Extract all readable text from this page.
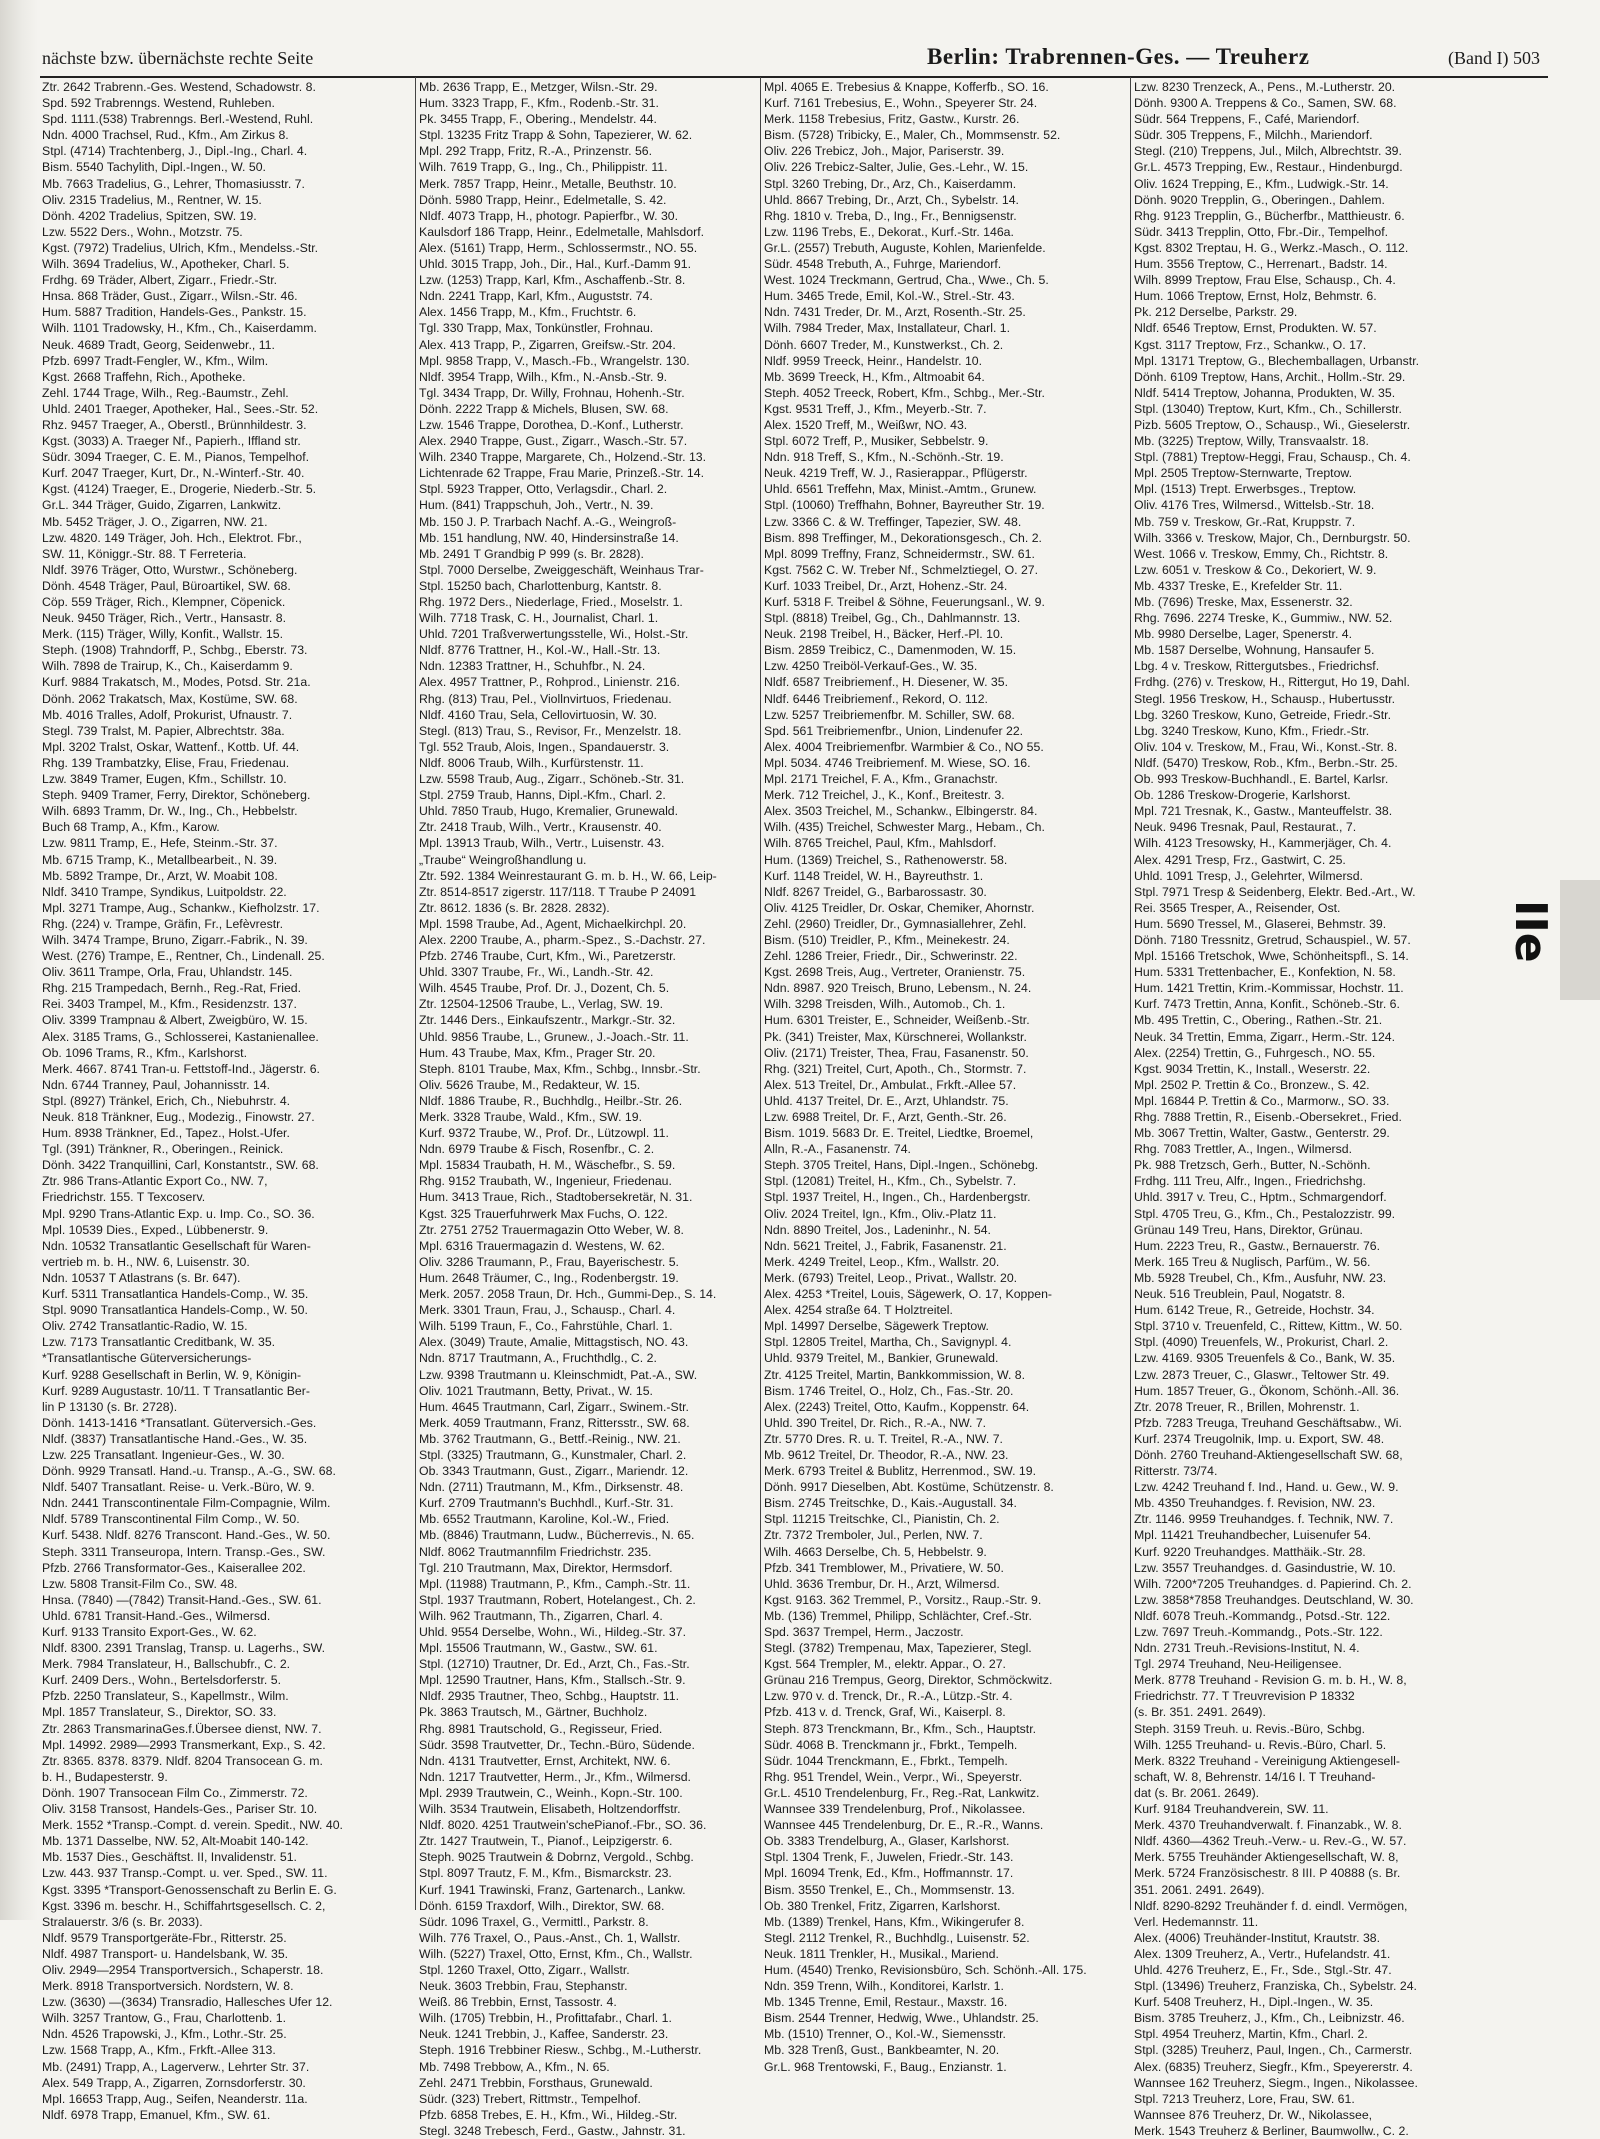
nächste bzw. übernächste rechte Seite	Berlin: Trabrennen-Ges. — Treuherz	(Band I) 503
Ztr. 2642 Trabrenn.-Ges. Westend, Schadowstr. 8.
Spd. 592 Trabrenngs. Westend, Ruhleben.
Spd. 1111.(538) Trabrenngs. Berl.-Westend, Ruhl.
Ndn. 4000 Trachsel, Rud., Kfm., Am Zirkus 8.
Stpl. (4714) Trachtenberg, J., Dipl.-Ing., Charl. 4.
Bism. 5540 Tachylith, Dipl.-Ingen., W. 50.
Mb. 7663 Tradelius, G., Lehrer, Thomasiusstr. 7.
Oliv. 2315 Tradelius, M., Rentner, W. 15.
Dönh. 4202 Tradelius, Spitzen, SW. 19.
Lzw. 5522 Ders., Wohn., Motzstr. 75.
Kgst. (7972) Tradelius, Ulrich, Kfm., Mendelss.-Str.
Wilh. 3694 Tradelius, W., Apotheker, Charl. 5.
Frdhg. 69 Träder, Albert, Zigarr., Friedr.-Str.
Hnsa. 868 Träder, Gust., Zigarr., Wilsn.-Str. 46.
Hum. 5887 Tradition, Handels-Ges., Pankstr. 15.
Wilh. 1101 Tradowsky, H., Kfm., Ch., Kaiserdamm.
Neuk. 4689 Tradt, Georg, Seidenwebr., 11.
Pfzb. 6997 Tradt-Fengler, W., Kfm., Wilm.
Kgst. 2668 Traffehn, Rich., Apotheke.
Zehl. 1744 Trage, Wilh., Reg.-Baumstr., Zehl.
Uhld. 2401 Traeger, Apotheker, Hal., Sees.-Str. 52.
Rhz. 9457 Traeger, A., Oberstl., Brünnhildestr. 3.
Kgst. (3033) A. Traeger Nf., Papierh., Iffland str.
Südr. 3094 Traeger, C. E. M., Pianos, Tempelhof.
Kurf. 2047 Traeger, Kurt, Dr., N.-Winterf.-Str. 40.
Kgst. (4124) Traeger, E., Drogerie, Niederb.-Str. 5.
Gr.L. 344 Träger, Guido, Zigarren, Lankwitz.
Mb. 5452 Träger, J. O., Zigarren, NW. 21.
Lzw. 4820. 149 Träger, Joh. Hch., Elektrot. Fbr.,
SW. 11, Königgr.-Str. 88. T Ferreteria.
Nldf. 3976 Träger, Otto, Wurstwr., Schöneberg.
Dönh. 4548 Träger, Paul, Büroartikel, SW. 68.
Cöp. 559 Träger, Rich., Klempner, Cöpenick.
Neuk. 9450 Träger, Rich., Vertr., Hansastr. 8.
Merk. (115) Träger, Willy, Konfit., Wallstr. 15.
Steph. (1908) Trahndorff, P., Schbg., Eberstr. 73.
Wilh. 7898 de Trairup, K., Ch., Kaiserdamm 9.
Kurf. 9884 Trakatsch, M., Modes, Potsd. Str. 21a.
Dönh. 2062 Trakatsch, Max, Kostüme, SW. 68.
Mb. 4016 Tralles, Adolf, Prokurist, Ufnaustr. 7.
Stegl. 739 Tralst, M. Papier, Albrechtstr. 38a.
Mpl. 3202 Tralst, Oskar, Wattenf., Kottb. Uf. 44.
Rhg. 139 Trambatzky, Elise, Frau, Friedenau.
Lzw. 3849 Tramer, Eugen, Kfm., Schillstr. 10.
Steph. 9409 Tramer, Ferry, Direktor, Schöneberg.
Wilh. 6893 Tramm, Dr. W., Ing., Ch., Hebbelstr.
Buch 68 Tramp, A., Kfm., Karow.
Lzw. 9811 Tramp, E., Hefe, Steinm.-Str. 37.
Mb. 6715 Tramp, K., Metallbearbeit., N. 39.
Mb. 5892 Trampe, Dr., Arzt, W. Moabit 108.
Nldf. 3410 Trampe, Syndikus, Luitpoldstr. 22.
Mpl. 3271 Trampe, Aug., Schankw., Kiefholzstr. 17.
Rhg. (224) v. Trampe, Gräfin, Fr., Lefèvrestr.
Wilh. 3474 Trampe, Bruno, Zigarr.-Fabrik., N. 39.
West. (276) Trampe, E., Rentner, Ch., Lindenall. 25.
Oliv. 3611 Trampe, Orla, Frau, Uhlandstr. 145.
Rhg. 215 Trampedach, Bernh., Reg.-Rat, Fried.
Rei. 3403 Trampel, M., Kfm., Residenzstr. 137.
Oliv. 3399 Trampnau & Albert, Zweigbüro, W. 15.
Alex. 3185 Trams, G., Schlosserei, Kastanienallee.
Ob. 1096 Trams, R., Kfm., Karlshorst.
Merk. 4667. 8741 Tran-u. Fettstoff-Ind., Jägerstr. 6.
Ndn. 6744 Tranney, Paul, Johannisstr. 14.
Stpl. (8927) Tränkel, Erich, Ch., Niebuhrstr. 4.
Neuk. 818 Tränkner, Eug., Modezig., Finowstr. 27.
Hum. 8938 Tränkner, Ed., Tapez., Holst.-Ufer.
Tgl. (391) Tränkner, R., Oberingen., Reinick.
Dönh. 3422 Tranquillini, Carl, Konstantstr., SW. 68.
Ztr. 986 Trans-Atlantic Export Co., NW. 7,
Friedrichstr. 155. T Texcoserv.
Mpl. 9290 Trans-Atlantic Exp. u. Imp. Co., SO. 36.
Mpl. 10539 Dies., Exped., Lübbenerstr. 9.
Ndn. 10532 Transatlantic Gesellschaft für Waren-
vertrieb m. b. H., NW. 6, Luisenstr. 30.
Ndn. 10537 T Atlastrans (s. Br. 647).
Kurf. 5311 Transatlantica Handels-Comp., W. 35.
Stpl. 9090 Transatlantica Handels-Comp., W. 50.
Oliv. 2742 Transatlantic-Radio, W. 15.
Lzw. 7173 Transatlantic Creditbank, W. 35.
*Transatlantische Güterversicherungs-
Kurf. 9288 Gesellschaft in Berlin, W. 9, Königin-
Kurf. 9289 Augustastr. 10/11. T Transatlantic Ber-
lin P 13130 (s. Br. 2728).
Dönh. 1413-1416 *Transatlant. Güterversich.-Ges.
Nldf. (3837) Transatlantische Hand.-Ges., W. 35.
Lzw. 225 Transatlant. Ingenieur-Ges., W. 30.
Dönh. 9929 Transatl. Hand.-u. Transp., A.-G., SW. 68.
Nldf. 5407 Transatlant. Reise- u. Verk.-Büro, W. 9.
Ndn. 2441 Transcontinentale Film-Compagnie, Wilm.
Nldf. 5789 Transcontinental Film Comp., W. 50.
Kurf. 5438. Nldf. 8276 Transcont. Hand.-Ges., W. 50.
Steph. 3311 Transeuropa, Intern. Transp.-Ges., SW.
Pfzb. 2766 Transformator-Ges., Kaiserallee 202.
Lzw. 5808 Transit-Film Co., SW. 48.
Hnsa. (7840) —(7842) Transit-Hand.-Ges., SW. 61.
Uhld. 6781 Transit-Hand.-Ges., Wilmersd.
Kurf. 9133 Transito Export-Ges., W. 62.
Nldf. 8300. 2391 Translag, Transp. u. Lagerhs., SW.
Merk. 7984 Translateur, H., Ballschubfr., C. 2.
Kurf. 2409 Ders., Wohn., Bertelsdorferstr. 5.
Pfzb. 2250 Translateur, S., Kapellmstr., Wilm.
Mpl. 1857 Translateur, S., Direktor, SO. 33.
Ztr. 2863 TransmarinaGes.f.Übersee dienst, NW. 7.
Mpl. 14992. 2989—2993 Transmerkant, Exp., S. 42.
Ztr. 8365. 8378. 8379. Nldf. 8204 Transocean G. m.
b. H., Budapesterstr. 9.
Dönh. 1907 Transocean Film Co., Zimmerstr. 72.
Oliv. 3158 Transost, Handels-Ges., Pariser Str. 10.
Merk. 1552 *Transp.-Compt. d. verein. Spedit., NW. 40.
Mb. 1371 Dasselbe, NW. 52, Alt-Moabit 140-142.
Mb. 1537 Dies., Geschäftst. II, Invalidenstr. 51.
Lzw. 443. 937 Transp.-Compt. u. ver. Sped., SW. 11.
Kgst. 3395 *Transport-Genossenschaft zu Berlin E. G.
Kgst. 3396 m. beschr. H., Schiffahrtsgesellsch. C. 2,
Stralauerstr. 3/6 (s. Br. 2033).
Nldf. 9579 Transportgeräte-Fbr., Ritterstr. 25.
Nldf. 4987 Transport- u. Handelsbank, W. 35.
Oliv. 2949—2954 Transportversich., Schaperstr. 18.
Merk. 8918 Transportversich. Nordstern, W. 8.
Lzw. (3630) —(3634) Transradio, Hallesches Ufer 12.
Wilh. 3257 Trantow, G., Frau, Charlottenb. 1.
Ndn. 4526 Trapowski, J., Kfm., Lothr.-Str. 25.
Lzw. 1568 Trapp, A., Kfm., Frkft.-Allee 313.
Mb. (2491) Trapp, A., Lagerverw., Lehrter Str. 37.
Alex. 549 Trapp, A., Zigarren, Zornsdorferstr. 30.
Mpl. 16653 Trapp, Aug., Seifen, Neanderstr. 11a.
Nldf. 6978 Trapp, Emanuel, Kfm., SW. 61.
Mb. 2636 Trapp, E., Metzger, Wilsn.-Str. 29.
Hum. 3323 Trapp, F., Kfm., Rodenb.-Str. 31.
Pk. 3455 Trapp, F., Obering., Mendelstr. 44.
Stpl. 13235 Fritz Trapp & Sohn, Tapezierer, W. 62.
Mpl. 292 Trapp, Fritz, R.-A., Prinzenstr. 56.
Wilh. 7619 Trapp, G., Ing., Ch., Philippistr. 11.
Merk. 7857 Trapp, Heinr., Metalle, Beuthstr. 10.
Dönh. 5980 Trapp, Heinr., Edelmetalle, S. 42.
Nldf. 4073 Trapp, H., photogr. Papierfbr., W. 30.
Kaulsdorf 186 Trapp, Heinr., Edelmetalle, Mahlsdorf.
Alex. (5161) Trapp, Herm., Schlossermstr., NO. 55.
Uhld. 3015 Trapp, Joh., Dir., Hal., Kurf.-Damm 91.
Lzw. (1253) Trapp, Karl, Kfm., Aschaffenb.-Str. 8.
Ndn. 2241 Trapp, Karl, Kfm., Auguststr. 74.
Alex. 1456 Trapp, M., Kfm., Fruchtstr. 6.
Tgl. 330 Trapp, Max, Tonkünstler, Frohnau.
Alex. 413 Trapp, P., Zigarren, Greifsw.-Str. 204.
Mpl. 9858 Trapp, V., Masch.-Fb., Wrangelstr. 130.
Nldf. 3954 Trapp, Wilh., Kfm., N.-Ansb.-Str. 9.
Tgl. 3434 Trapp, Dr. Willy, Frohnau, Hohenh.-Str.
Dönh. 2222 Trapp & Michels, Blusen, SW. 68.
Lzw. 1546 Trappe, Dorothea, D.-Konf., Lutherstr.
Alex. 2940 Trappe, Gust., Zigarr., Wasch.-Str. 57.
Wilh. 2340 Trappe, Margarete, Ch., Holzend.-Str. 13.
Lichtenrade 62 Trappe, Frau Marie, Prinzeß.-Str. 14.
Stpl. 5923 Trapper, Otto, Verlagsdir., Charl. 2.
Hum. (841) Trappschuh, Joh., Vertr., N. 39.
Mb. 150 J. P. Trarbach Nachf. A.-G., Weingroß-
Mb. 151 handlung, NW. 40, Hindersinstraße 14.
Mb. 2491 T Grandbig P 999 (s. Br. 2828).
Stpl. 7000 Derselbe, Zweiggeschäft, Weinhaus Trar-
Stpl. 15250 bach, Charlottenburg, Kantstr. 8.
Rhg. 1972 Ders., Niederlage, Fried., Moselstr. 1.
Wilh. 7718 Trask, C. H., Journalist, Charl. 1.
Uhld. 7201 Traßverwertungsstelle, Wi., Holst.-Str.
Nldf. 8776 Trattner, H., Kol.-W., Hall.-Str. 13.
Ndn. 12383 Trattner, H., Schuhfbr., N. 24.
Alex. 4957 Trattner, P., Rohprod., Linienstr. 216.
Rhg. (813) Trau, Pel., Viollnvirtuos, Friedenau.
Nldf. 4160 Trau, Sela, Cellovirtuosin, W. 30.
Stegl. (813) Trau, S., Revisor, Fr., Menzelstr. 18.
Tgl. 552 Traub, Alois, Ingen., Spandauerstr. 3.
Nldf. 8006 Traub, Wilh., Kurfürstenstr. 11.
Lzw. 5598 Traub, Aug., Zigarr., Schöneb.-Str. 31.
Stpl. 2759 Traub, Hanns, Dipl.-Kfm., Charl. 2.
Uhld. 7850 Traub, Hugo, Kremalier, Grunewald.
Ztr. 2418 Traub, Wilh., Vertr., Krausenstr. 40.
Mpl. 13913 Traub, Wilh., Vertr., Luisenstr. 43.
„Traube“ Weingroßhandlung u.
Ztr. 592. 1384 Weinrestaurant G. m. b. H., W. 66, Leip-
Ztr. 8514-8517 zigerstr. 117/118. T Traube P 24091
Ztr. 8612. 1836 (s. Br. 2828. 2832).
Mpl. 1598 Traube, Ad., Agent, Michaelkirchpl. 20.
Alex. 2200 Traube, A., pharm.-Spez., S.-Dachstr. 27.
Pfzb. 2746 Traube, Curt, Kfm., Wi., Paretzerstr.
Uhld. 3307 Traube, Fr., Wi., Landh.-Str. 42.
Wilh. 4545 Traube, Prof. Dr. J., Dozent, Ch. 5.
Ztr. 12504-12506 Traube, L., Verlag, SW. 19.
Ztr. 1446 Ders., Einkaufszentr., Markgr.-Str. 32.
Uhld. 9856 Traube, L., Grunew., J.-Joach.-Str. 11.
Hum. 43 Traube, Max, Kfm., Prager Str. 20.
Steph. 8101 Traube, Max, Kfm., Schbg., Innsbr.-Str.
Oliv. 5626 Traube, M., Redakteur, W. 15.
Nldf. 1886 Traube, R., Buchhdlg., Heilbr.-Str. 26.
Merk. 3328 Traube, Wald., Kfm., SW. 19.
Kurf. 9372 Traube, W., Prof. Dr., Lützowpl. 11.
Ndn. 6979 Traube & Fisch, Rosenfbr., C. 2.
Mpl. 15834 Traubath, H. M., Wäschefbr., S. 59.
Rhg. 9152 Traubath, W., Ingenieur, Friedenau.
Hum. 3413 Traue, Rich., Stadtobersekretär, N. 31.
Kgst. 325 Trauerfuhrwerk Max Fuchs, O. 122.
Ztr. 2751 2752 Trauermagazin Otto Weber, W. 8.
Mpl. 6316 Trauermagazin d. Westens, W. 62.
Oliv. 3286 Traumann, P., Frau, Bayerischestr. 5.
Hum. 2648 Träumer, C., Ing., Rodenbergstr. 19.
Merk. 2057. 2058 Traun, Dr. Hch., Gummi-Dep., S. 14.
Merk. 3301 Traun, Frau, J., Schausp., Charl. 4.
Wilh. 5199 Traun, F., Co., Fahrstühle, Charl. 1.
Alex. (3049) Traute, Amalie, Mittagstisch, NO. 43.
Ndn. 8717 Trautmann, A., Fruchthdlg., C. 2.
Lzw. 9398 Trautmann u. Kleinschmidt, Pat.-A., SW.
Oliv. 1021 Trautmann, Betty, Privat., W. 15.
Hum. 4645 Trautmann, Carl, Zigarr., Swinem.-Str.
Merk. 4059 Trautmann, Franz, Rittersstr., SW. 68.
Mb. 3762 Trautmann, G., Bettf.-Reinig., NW. 21.
Stpl. (3325) Trautmann, G., Kunstmaler, Charl. 2.
Ob. 3343 Trautmann, Gust., Zigarr., Mariendr. 12.
Ndn. (2711) Trautmann, M., Kfm., Dirksenstr. 48.
Kurf. 2709 Trautmann's Buchhdl., Kurf.-Str. 31.
Mb. 6552 Trautmann, Karoline, Kol.-W., Fried.
Mb. (8846) Trautmann, Ludw., Bücherrevis., N. 65.
Nldf. 8062 Trautmannfilm Friedrichstr. 235.
Tgl. 210 Trautmann, Max, Direktor, Hermsdorf.
Mpl. (11988) Trautmann, P., Kfm., Camph.-Str. 11.
Stpl. 1937 Trautmann, Robert, Hotelangest., Ch. 2.
Wilh. 962 Trautmann, Th., Zigarren, Charl. 4.
Uhld. 9554 Derselbe, Wohn., Wi., Hildeg.-Str. 37.
Mpl. 15506 Trautmann, W., Gastw., SW. 61.
Stpl. (12710) Trautner, Dr. Ed., Arzt, Ch., Fas.-Str.
Mpl. 12590 Trautner, Hans, Kfm., Stallsch.-Str. 9.
Nldf. 2935 Trautner, Theo, Schbg., Hauptstr. 11.
Pk. 3863 Trautsch, M., Gärtner, Buchholz.
Rhg. 8981 Trautschold, G., Regisseur, Fried.
Südr. 3598 Trautvetter, Dr., Techn.-Büro, Südende.
Ndn. 4131 Trautvetter, Ernst, Architekt, NW. 6.
Ndn. 1217 Trautvetter, Herm., Jr., Kfm., Wilmersd.
Mpl. 2939 Trautwein, C., Weinh., Kopn.-Str. 100.
Wilh. 3534 Trautwein, Elisabeth, Holtzendorffstr.
Nldf. 8020. 4251 Trautwein'schePianof.-Fbr., SO. 36.
Ztr. 1427 Trautwein, T., Pianof., Leipzigerstr. 6.
Steph. 9025 Trautwein & Dobrnz, Vergold., Schbg.
Stpl. 8097 Trautz, F. M., Kfm., Bismarckstr. 23.
Kurf. 1941 Trawinski, Franz, Gartenarch., Lankw.
Dönh. 6159 Traxdorf, Wilh., Direktor, SW. 68.
Südr. 1096 Traxel, G., Vermittl., Parkstr. 8.
Wilh. 776 Traxel, O., Paus.-Anst., Ch. 1, Wallstr.
Wilh. (5227) Traxel, Otto, Ernst, Kfm., Ch., Wallstr.
Stpl. 1260 Traxel, Otto, Zigarr., Wallstr.
Neuk. 3603 Trebbin, Frau, Stephanstr.
Weiß. 86 Trebbin, Ernst, Tassostr. 4.
Wilh. (1705) Trebbin, H., Profittafabr., Charl. 1.
Neuk. 1241 Trebbin, J., Kaffee, Sanderstr. 23.
Steph. 1916 Trebbiner Riesw., Schbg., M.-Lutherstr.
Mb. 7498 Trebbow, A., Kfm., N. 65.
Zehl. 2471 Trebbin, Forsthaus, Grunewald.
Südr. (323) Trebert, Rittmstr., Tempelhof.
Pfzb. 6858 Trebes, E. H., Kfm., Wi., Hildeg.-Str.
Stegl. 3248 Trebesch, Ferd., Gastw., Jahnstr. 31.
Mpl. 4065 E. Trebesius & Knappe, Kofferfb., SO. 16.
Kurf. 7161 Trebesius, E., Wohn., Speyerer Str. 24.
Merk. 1158 Trebesius, Fritz, Gastw., Kurstr. 26.
Bism. (5728) Tribicky, E., Maler, Ch., Mommsenstr. 52.
Oliv. 226 Trebicz, Joh., Major, Pariserstr. 39.
Oliv. 226 Trebicz-Salter, Julie, Ges.-Lehr., W. 15.
Stpl. 3260 Trebing, Dr., Arz, Ch., Kaiserdamm.
Uhld. 8667 Trebing, Dr., Arzt, Ch., Sybelstr. 14.
Rhg. 1810 v. Treba, D., Ing., Fr., Bennigsenstr.
Lzw. 1196 Trebs, E., Dekorat., Kurf.-Str. 146a.
Gr.L. (2557) Trebuth, Auguste, Kohlen, Marienfelde.
Südr. 4548 Trebuth, A., Fuhrge, Mariendorf.
West. 1024 Treckmann, Gertrud, Cha., Wwe., Ch. 5.
Hum. 3465 Trede, Emil, Kol.-W., Strel.-Str. 43.
Ndn. 7431 Treder, Dr. M., Arzt, Rosenth.-Str. 25.
Wilh. 7984 Treder, Max, Installateur, Charl. 1.
Dönh. 6607 Treder, M., Kunstwerkst., Ch. 2.
Nldf. 9959 Treeck, Heinr., Handelstr. 10.
Mb. 3699 Treeck, H., Kfm., Altmoabit 64.
Steph. 4052 Treeck, Robert, Kfm., Schbg., Mer.-Str.
Kgst. 9531 Treff, J., Kfm., Meyerb.-Str. 7.
Alex. 1520 Treff, M., Weißwr, NO. 43.
Stpl. 6072 Treff, P., Musiker, Sebbelstr. 9.
Ndn. 918 Treff, S., Kfm., N.-Schönh.-Str. 19.
Neuk. 4219 Treff, W. J., Rasierappar., Pflügerstr.
Uhld. 6561 Treffehn, Max, Minist.-Amtm., Grunew.
Stpl. (10060) Treffhahn, Bohner, Bayreuther Str. 19.
Lzw. 3366 C. & W. Treffinger, Tapezier, SW. 48.
Bism. 898 Treffinger, M., Dekorationsgesch., Ch. 2.
Mpl. 8099 Treffny, Franz, Schneidermstr., SW. 61.
Kgst. 7562 C. W. Treber Nf., Schmelztiegel, O. 27.
Kurf. 1033 Treibel, Dr., Arzt, Hohenz.-Str. 24.
Kurf. 5318 F. Treibel & Söhne, Feuerungsanl., W. 9.
Stpl. (8818) Treibel, Gg., Ch., Dahlmannstr. 13.
Neuk. 2198 Treibel, H., Bäcker, Herf.-Pl. 10.
Bism. 2859 Treibicz, C., Damenmoden, W. 15.
Lzw. 4250 Treiböl-Verkauf-Ges., W. 35.
Nldf. 6587 Treibriemenf., H. Diesener, W. 35.
Nldf. 6446 Treibriemenf., Rekord, O. 112.
Lzw. 5257 Treibriemenfbr. M. Schiller, SW. 68.
Spd. 561 Treibriemenfbr., Union, Lindenufer 22.
Alex. 4004 Treibriemenfbr. Warmbier & Co., NO 55.
Mpl. 5034. 4746 Treibriemenf. M. Wiese, SO. 16.
Mpl. 2171 Treichel, F. A., Kfm., Granachstr.
Merk. 712 Treichel, J., K., Konf., Breitestr. 3.
Alex. 3503 Treichel, M., Schankw., Elbingerstr. 84.
Wilh. (435) Treichel, Schwester Marg., Hebam., Ch.
Wilh. 8765 Treichel, Paul, Kfm., Mahlsdorf.
Hum. (1369) Treichel, S., Rathenowerstr. 58.
Kurf. 1148 Treidel, W. H., Bayreuthstr. 1.
Nldf. 8267 Treidel, G., Barbarossastr. 30.
Oliv. 4125 Treidler, Dr. Oskar, Chemiker, Ahornstr.
Zehl. (2960) Treidler, Dr., Gymnasiallehrer, Zehl.
Bism. (510) Treidler, P., Kfm., Meinekestr. 24.
Zehl. 1286 Treier, Friedr., Dir., Schwerinstr. 22.
Kgst. 2698 Treis, Aug., Vertreter, Oranienstr. 75.
Ndn. 8987. 920 Treisch, Bruno, Lebensm., N. 24.
Wilh. 3298 Treisden, Wilh., Automob., Ch. 1.
Hum. 6301 Treister, E., Schneider, Weißenb.-Str.
Pk. (341) Treister, Max, Kürschnerei, Wollankstr.
Oliv. (2171) Treister, Thea, Frau, Fasanenstr. 50.
Rhg. (321) Treitel, Curt, Apoth., Ch., Stormstr. 7.
Alex. 513 Treitel, Dr., Ambulat., Frkft.-Allee 57.
Uhld. 4137 Treitel, Dr. E., Arzt, Uhlandstr. 75.
Lzw. 6988 Treitel, Dr. F., Arzt, Genth.-Str. 26.
Bism. 1019. 5683 Dr. E. Treitel, Liedtke, Broemel,
Alln, R.-A., Fasanenstr. 74.
Steph. 3705 Treitel, Hans, Dipl.-Ingen., Schönebg.
Stpl. (12081) Treitel, H., Kfm., Ch., Sybelstr. 7.
Stpl. 1937 Treitel, H., Ingen., Ch., Hardenbergstr.
Oliv. 2024 Treitel, Ign., Kfm., Oliv.-Platz 11.
Ndn. 8890 Treitel, Jos., Ladeninhr., N. 54.
Ndn. 5621 Treitel, J., Fabrik, Fasanenstr. 21.
Merk. 4249 Treitel, Leop., Kfm., Wallstr. 20.
Merk. (6793) Treitel, Leop., Privat., Wallstr. 20.
Alex. 4253 *Treitel, Louis, Sägewerk, O. 17, Koppen-
Alex. 4254 straße 64. T Holztreitel.
Mpl. 14997 Derselbe, Sägewerk Treptow.
Stpl. 12805 Treitel, Martha, Ch., Savignypl. 4.
Uhld. 9379 Treitel, M., Bankier, Grunewald.
Ztr. 4125 Treitel, Martin, Bankkommission, W. 8.
Bism. 1746 Treitel, O., Holz, Ch., Fas.-Str. 20.
Alex. (2243) Treitel, Otto, Kaufm., Koppenstr. 64.
Uhld. 390 Treitel, Dr. Rich., R.-A., NW. 7.
Ztr. 5770 Dres. R. u. T. Treitel, R.-A., NW. 7.
Mb. 9612 Treitel, Dr. Theodor, R.-A., NW. 23.
Merk. 6793 Treitel & Bublitz, Herrenmod., SW. 19.
Dönh. 9917 Dieselben, Abt. Kostüme, Schützenstr. 8.
Bism. 2745 Treitschke, D., Kais.-Augustall. 34.
Stpl. 11215 Treitschke, Cl., Pianistin, Ch. 2.
Ztr. 7372 Tremboler, Jul., Perlen, NW. 7.
Wilh. 4663 Derselbe, Ch. 5, Hebbelstr. 9.
Pfzb. 341 Tremblower, M., Privatiere, W. 50.
Uhld. 3636 Trembur, Dr. H., Arzt, Wilmersd.
Kgst. 9163. 362 Tremmel, P., Vorsitz., Raup.-Str. 9.
Mb. (136) Tremmel, Philipp, Schlächter, Cref.-Str.
Spd. 3637 Trempel, Herm., Jaczostr.
Stegl. (3782) Trempenau, Max, Tapezierer, Stegl.
Kgst. 564 Trempler, M., elektr. Appar., O. 27.
Grünau 216 Trempus, Georg, Direktor, Schmöckwitz.
Lzw. 970 v. d. Trenck, Dr., R.-A., Lützp.-Str. 4.
Pfzb. 413 v. d. Trenck, Graf, Wi., Kaiserpl. 8.
Steph. 873 Trenckmann, Br., Kfm., Sch., Hauptstr.
Südr. 4068 B. Trenckmann jr., Fbrkt., Tempelh.
Südr. 1044 Trenckmann, E., Fbrkt., Tempelh.
Rhg. 951 Trendel, Wein., Verpr., Wi., Speyerstr.
Gr.L. 4510 Trendelenburg, Fr., Reg.-Rat, Lankwitz.
Wannsee 339 Trendelenburg, Prof., Nikolassee.
Wannsee 445 Trendelenburg, Dr. E., R.-R., Wanns.
Ob. 3383 Trendelburg, A., Glaser, Karlshorst.
Stpl. 1304 Trenk, F., Juwelen, Friedr.-Str. 143.
Mpl. 16094 Trenk, Ed., Kfm., Hoffmannstr. 17.
Bism. 3550 Trenkel, E., Ch., Mommsenstr. 13.
Ob. 380 Trenkel, Fritz, Zigarren, Karlshorst.
Mb. (1389) Trenkel, Hans, Kfm., Wikingerufer 8.
Stegl. 2112 Trenkel, R., Buchhdlg., Luisenstr. 52.
Neuk. 1811 Trenkler, H., Musikal., Mariend.
Hum. (4540) Trenko, Revisionsbüro, Sch. Schönh.-All. 175.
Ndn. 359 Trenn, Wilh., Konditorei, Karlstr. 1.
Mb. 1345 Trenne, Emil, Restaur., Maxstr. 16.
Bism. 2544 Trenner, Hedwig, Wwe., Uhlandstr. 25.
Mb. (1510) Trenner, O., Kol.-W., Siemensstr.
Mb. 328 Trenß, Gust., Bankbeamter, N. 20.
Gr.L. 968 Trentowski, F., Baug., Enzianstr. 1.
Lzw. 8230 Trenzeck, A., Pens., M.-Lutherstr. 20.
Dönh. 9300 A. Treppens & Co., Samen, SW. 68.
Südr. 564 Treppens, F., Café, Mariendorf.
Südr. 305 Treppens, F., Milchh., Mariendorf.
Stegl. (210) Treppens, Jul., Milch, Albrechtstr. 39.
Gr.L. 4573 Trepping, Ew., Restaur., Hindenburgd.
Oliv. 1624 Trepping, E., Kfm., Ludwigk.-Str. 14.
Dönh. 9020 Trepplin, G., Oberingen., Dahlem.
Rhg. 9123 Trepplin, G., Bücherfbr., Matthieustr. 6.
Südr. 3413 Trepplin, Otto, Fbr.-Dir., Tempelhof.
Kgst. 8302 Treptau, H. G., Werkz.-Masch., O. 112.
Hum. 3556 Treptow, C., Herrenart., Badstr. 14.
Wilh. 8999 Treptow, Frau Else, Schausp., Ch. 4.
Hum. 1066 Treptow, Ernst, Holz, Behmstr. 6.
Pk. 212 Derselbe, Parkstr. 29.
Nldf. 6546 Treptow, Ernst, Produkten. W. 57.
Kgst. 3117 Treptow, Frz., Schankw., O. 17.
Mpl. 13171 Treptow, G., Blechemballagen, Urbanstr.
Dönh. 6109 Treptow, Hans, Archit., Hollm.-Str. 29.
Nldf. 5414 Treptow, Johanna, Produkten, W. 35.
Stpl. (13040) Treptow, Kurt, Kfm., Ch., Schillerstr.
Pizb. 5605 Treptow, O., Schausp., Wi., Gieselerstr.
Mb. (3225) Treptow, Willy, Transvaalstr. 18.
Stpl. (7881) Treptow-Heggi, Frau, Schausp., Ch. 4.
Mpl. 2505 Treptow-Sternwarte, Treptow.
Mpl. (1513) Trept. Erwerbsges., Treptow.
Oliv. 4176 Tres, Wilmersd., Wittelsb.-Str. 18.
Mb. 759 v. Treskow, Gr.-Rat, Kruppstr. 7.
Wilh. 3366 v. Treskow, Major, Ch., Dernburgstr. 50.
West. 1066 v. Treskow, Emmy, Ch., Richtstr. 8.
Lzw. 6051 v. Treskow & Co., Dekoriert, W. 9.
Mb. 4337 Treske, E., Krefelder Str. 11.
Mb. (7696) Treske, Max, Essenerstr. 32.
Rhg. 7696. 2274 Treske, K., Gummiw., NW. 52.
Mb. 9980 Derselbe, Lager, Spenerstr. 4.
Mb. 1587 Derselbe, Wohnung, Hansaufer 5.
Lbg. 4 v. Treskow, Rittergutsbes., Friedrichsf.
Frdhg. (276) v. Treskow, H., Rittergut, Ho 19, Dahl.
Stegl. 1956 Treskow, H., Schausp., Hubertusstr.
Lbg. 3260 Treskow, Kuno, Getreide, Friedr.-Str.
Lbg. 3240 Treskow, Kuno, Kfm., Friedr.-Str.
Oliv. 104 v. Treskow, M., Frau, Wi., Konst.-Str. 8.
Nldf. (5470) Treskow, Rob., Kfm., Berbn.-Str. 25.
Ob. 993 Treskow-Buchhandl., E. Bartel, Karlsr.
Ob. 1286 Treskow-Drogerie, Karlshorst.
Mpl. 721 Tresnak, K., Gastw., Manteuffelstr. 38.
Neuk. 9496 Tresnak, Paul, Restaurat., 7.
Wilh. 4123 Tresowsky, H., Kammerjäger, Ch. 4.
Alex. 4291 Tresp, Frz., Gastwirt, C. 25.
Uhld. 1091 Tresp, J., Gelehrter, Wilmersd.
Stpl. 7971 Tresp & Seidenberg, Elektr. Bed.-Art., W.
Rei. 3565 Tresper, A., Reisender, Ost.
Hum. 5690 Tressel, M., Glaserei, Behmstr. 39.
Dönh. 7180 Tressnitz, Gretrud, Schauspiel., W. 57.
Mpl. 15166 Tretschok, Wwe, Schönheitspfl., S. 14.
Hum. 5331 Trettenbacher, E., Konfektion, N. 58.
Hum. 1421 Trettin, Krim.-Kommissar, Hochstr. 11.
Kurf. 7473 Trettin, Anna, Konfit., Schöneb.-Str. 6.
Mb. 495 Trettin, C., Obering., Rathen.-Str. 21.
Neuk. 34 Trettin, Emma, Zigarr., Herm.-Str. 124.
Alex. (2254) Trettin, G., Fuhrgesch., NO. 55.
Kgst. 9034 Trettin, K., Install., Weserstr. 22.
Mpl. 2502 P. Trettin & Co., Bronzew., S. 42.
Mpl. 16844 P. Trettin & Co., Marmorw., SO. 33.
Rhg. 7888 Trettin, R., Eisenb.-Obersekret., Fried.
Mb. 3067 Trettin, Walter, Gastw., Genterstr. 29.
Rhg. 7083 Trettler, A., Ingen., Wilmersd.
Pk. 988 Tretzsch, Gerh., Butter, N.-Schönh.
Frdhg. 111 Treu, Alfr., Ingen., Friedrichshg.
Uhld. 3917 v. Treu, C., Hptm., Schmargendorf.
Stpl. 4705 Treu, G., Kfm., Ch., Pestalozzistr. 99.
Grünau 149 Treu, Hans, Direktor, Grünau.
Hum. 2223 Treu, R., Gastw., Bernauerstr. 76.
Merk. 165 Treu & Nuglisch, Parfüm., W. 56.
Mb. 5928 Treubel, Ch., Kfm., Ausfuhr, NW. 23.
Neuk. 516 Treublein, Paul, Nogatstr. 8.
Hum. 6142 Treue, R., Getreide, Hochstr. 34.
Stpl. 3710 v. Treuenfeld, C., Rittew, Kittm., W. 50.
Stpl. (4090) Treuenfels, W., Prokurist, Charl. 2.
Lzw. 4169. 9305 Treuenfels & Co., Bank, W. 35.
Lzw. 2873 Treuer, C., Glaswr., Teltower Str. 49.
Hum. 1857 Treuer, G., Ökonom, Schönh.-All. 36.
Ztr. 2078 Treuer, R., Brillen, Mohrenstr. 1.
Pfzb. 7283 Treuga, Treuhand Geschäftsabw., Wi.
Kurf. 2374 Treugolnik, Imp. u. Export, SW. 48.
Dönh. 2760 Treuhand-Aktiengesellschaft SW. 68,
Ritterstr. 73/74.
Lzw. 4242 Treuhand f. Ind., Hand. u. Gew., W. 9.
Mb. 4350 Treuhandges. f. Revision, NW. 23.
Ztr. 1146. 9959 Treuhandges. f. Technik, NW. 7.
Mpl. 11421 Treuhandbecher, Luisenufer 54.
Kurf. 9220 Treuhandges. Matthäik.-Str. 28.
Lzw. 3557 Treuhandges. d. Gasindustrie, W. 10.
Wilh. 7200*7205 Treuhandges. d. Papierind. Ch. 2.
Lzw. 3858*7858 Treuhandges. Deutschland, W. 30.
Nldf. 6078 Treuh.-Kommandg., Potsd.-Str. 122.
Lzw. 7697 Treuh.-Kommandg., Pots.-Str. 122.
Ndn. 2731 Treuh.-Revisions-Institut, N. 4.
Tgl. 2974 Treuhand, Neu-Heiligensee.
Merk. 8778 Treuhand - Revision G. m. b. H., W. 8,
Friedrichstr. 77. T Treuvrevision P 18332
(s. Br. 351. 2491. 2649).
Steph. 3159 Treuh. u. Revis.-Büro, Schbg.
Wilh. 1255 Treuhand- u. Revis.-Büro, Charl. 5.
Merk. 8322 Treuhand - Vereinigung Aktiengesell-
schaft, W. 8, Behrenstr. 14/16 I. T Treuhand-
dat (s. Br. 2061. 2649).
Kurf. 9184 Treuhandverein, SW. 11.
Merk. 4370 Treuhandverwalt. f. Finanzabk., W. 8.
Nldf. 4360—4362 Treuh.-Verw.- u. Rev.-G., W. 57.
Merk. 5755 Treuhänder Aktiengesellschaft, W. 8,
Merk. 5724 Französischestr. 8 III. P 40888 (s. Br.
351. 2061. 2491. 2649).
Nldf. 8290-8292 Treuhänder f. d. eindl. Vermögen,
Verl. Hedemannstr. 11.
Alex. (4006) Treuhänder-Institut, Krautstr. 38.
Alex. 1309 Treuherz, A., Vertr., Hufelandstr. 41.
Uhld. 4276 Treuherz, E., Fr., Sde., Stgl.-Str. 47.
Stpl. (13496) Treuherz, Franziska, Ch., Sybelstr. 24.
Kurf. 5408 Treuherz, H., Dipl.-Ingen., W. 35.
Bism. 3785 Treuherz, J., Kfm., Ch., Leibnizstr. 46.
Stpl. 4954 Treuherz, Martin, Kfm., Charl. 2.
Stpl. (3285) Treuherz, Paul, Ingen., Ch., Carmerstr.
Alex. (6835) Treuherz, Siegfr., Kfm., Speyererstr. 4.
Wannsee 162 Treuherz, Siegm., Ingen., Nikolassee.
Stpl. 7213 Treuherz, Lore, Frau, SW. 61.
Wannsee 876 Treuherz, Dr. W., Nikolassee,
Merk. 1543 Treuherz & Berliner, Baumwollw., C. 2.
IIe
